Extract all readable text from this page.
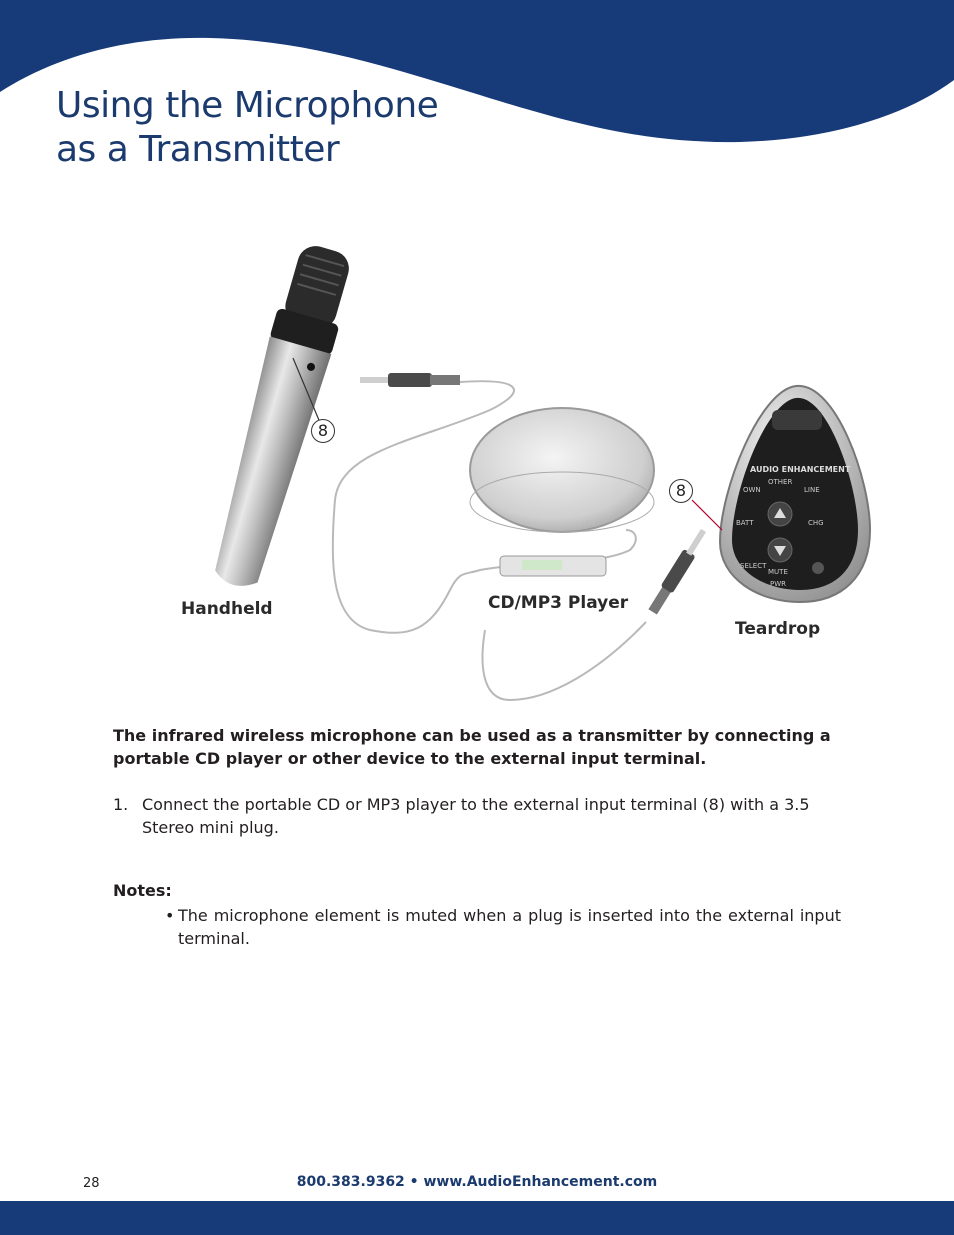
Using the Microphone
as a Transmitter
AUDIO ENHANCEMENT
OWN
OTHER
LINE
BATT	CHG
MUTE
SELECT
PWR
8
8
Handheld	CD/MP3 Player
Teardrop
The infrared wireless microphone can be used as a transmitter by connecting a portable CD player or other device to the external input terminal.
1. Connect the portable CD or MP3 player to the external input terminal (8) with a 3.5 Stereo mini plug.
Notes:
• The microphone element is muted when a plug is inserted into the external input terminal.
28	800.383.9362 • www.AudioEnhancement.com
